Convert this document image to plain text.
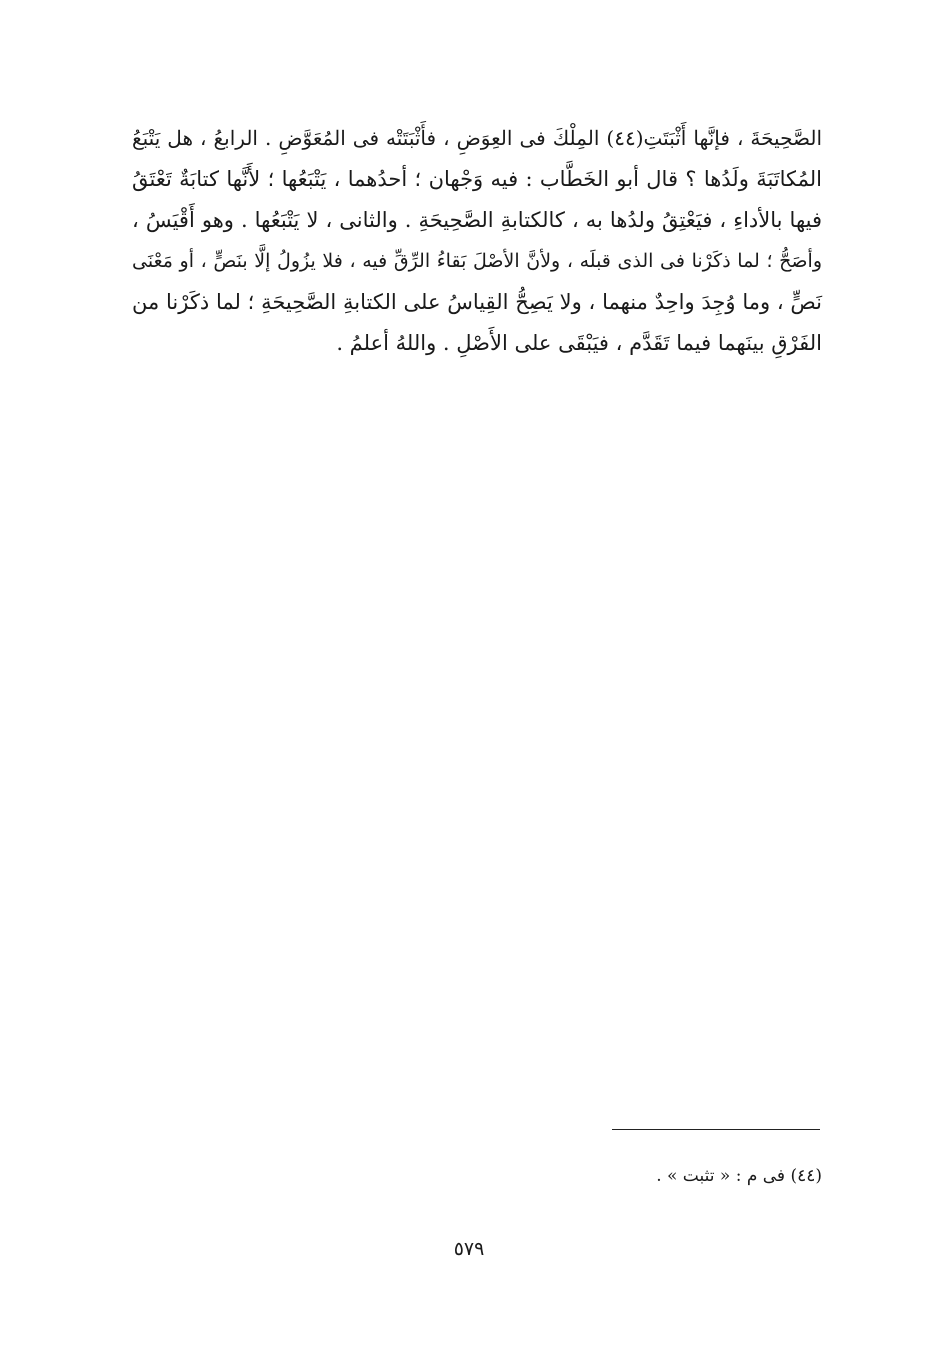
الصَّحِيحَةَ ، فإنَّها أَثْبَتَتِ(٤٤) المِلْكَ فى العِوَضِ ، فأَثْبَتَتْه فى المُعَوَّضِ . الرابعُ ، هل يَتْبَعُ
المُكاتَبَةَ ولَدُها ؟ قال أبو الخَطَّاب : فيه وَجْهان ؛ أحدُهما ، يَتْبَعُها ؛ لأَنَّها كتابَةٌ تَعْتَقُ
فيها بالأداءِ ، فيَعْتِقُ ولدُها به ، كالكتابةِ الصَّحِيحَةِ . والثانى ، لا يَتْبَعُها . وهو أَقْيَسُ ،
وأصَحُّ ؛ لما ذكَرْنا فى الذى قبلَه ، ولأنَّ الأصْلَ بَقاءُ الرِّقِّ فيه ، فلا يزُولُ إلَّا بنَصٍّ ، أو مَعْنَى
نَصٍّ ، وما وُجِدَ واحِدٌ منهما ، ولا يَصِحُّ القِياسُ على الكتابةِ الصَّحِيحَةِ ؛ لما ذكَرْنا من
الفَرْقِ بينَهما فيما تَقَدَّم ، فيَبْقَى على الأَصْلِ . واللهُ أعلمُ .
(٤٤) فى م : « تثبت » .
٥٧٩
